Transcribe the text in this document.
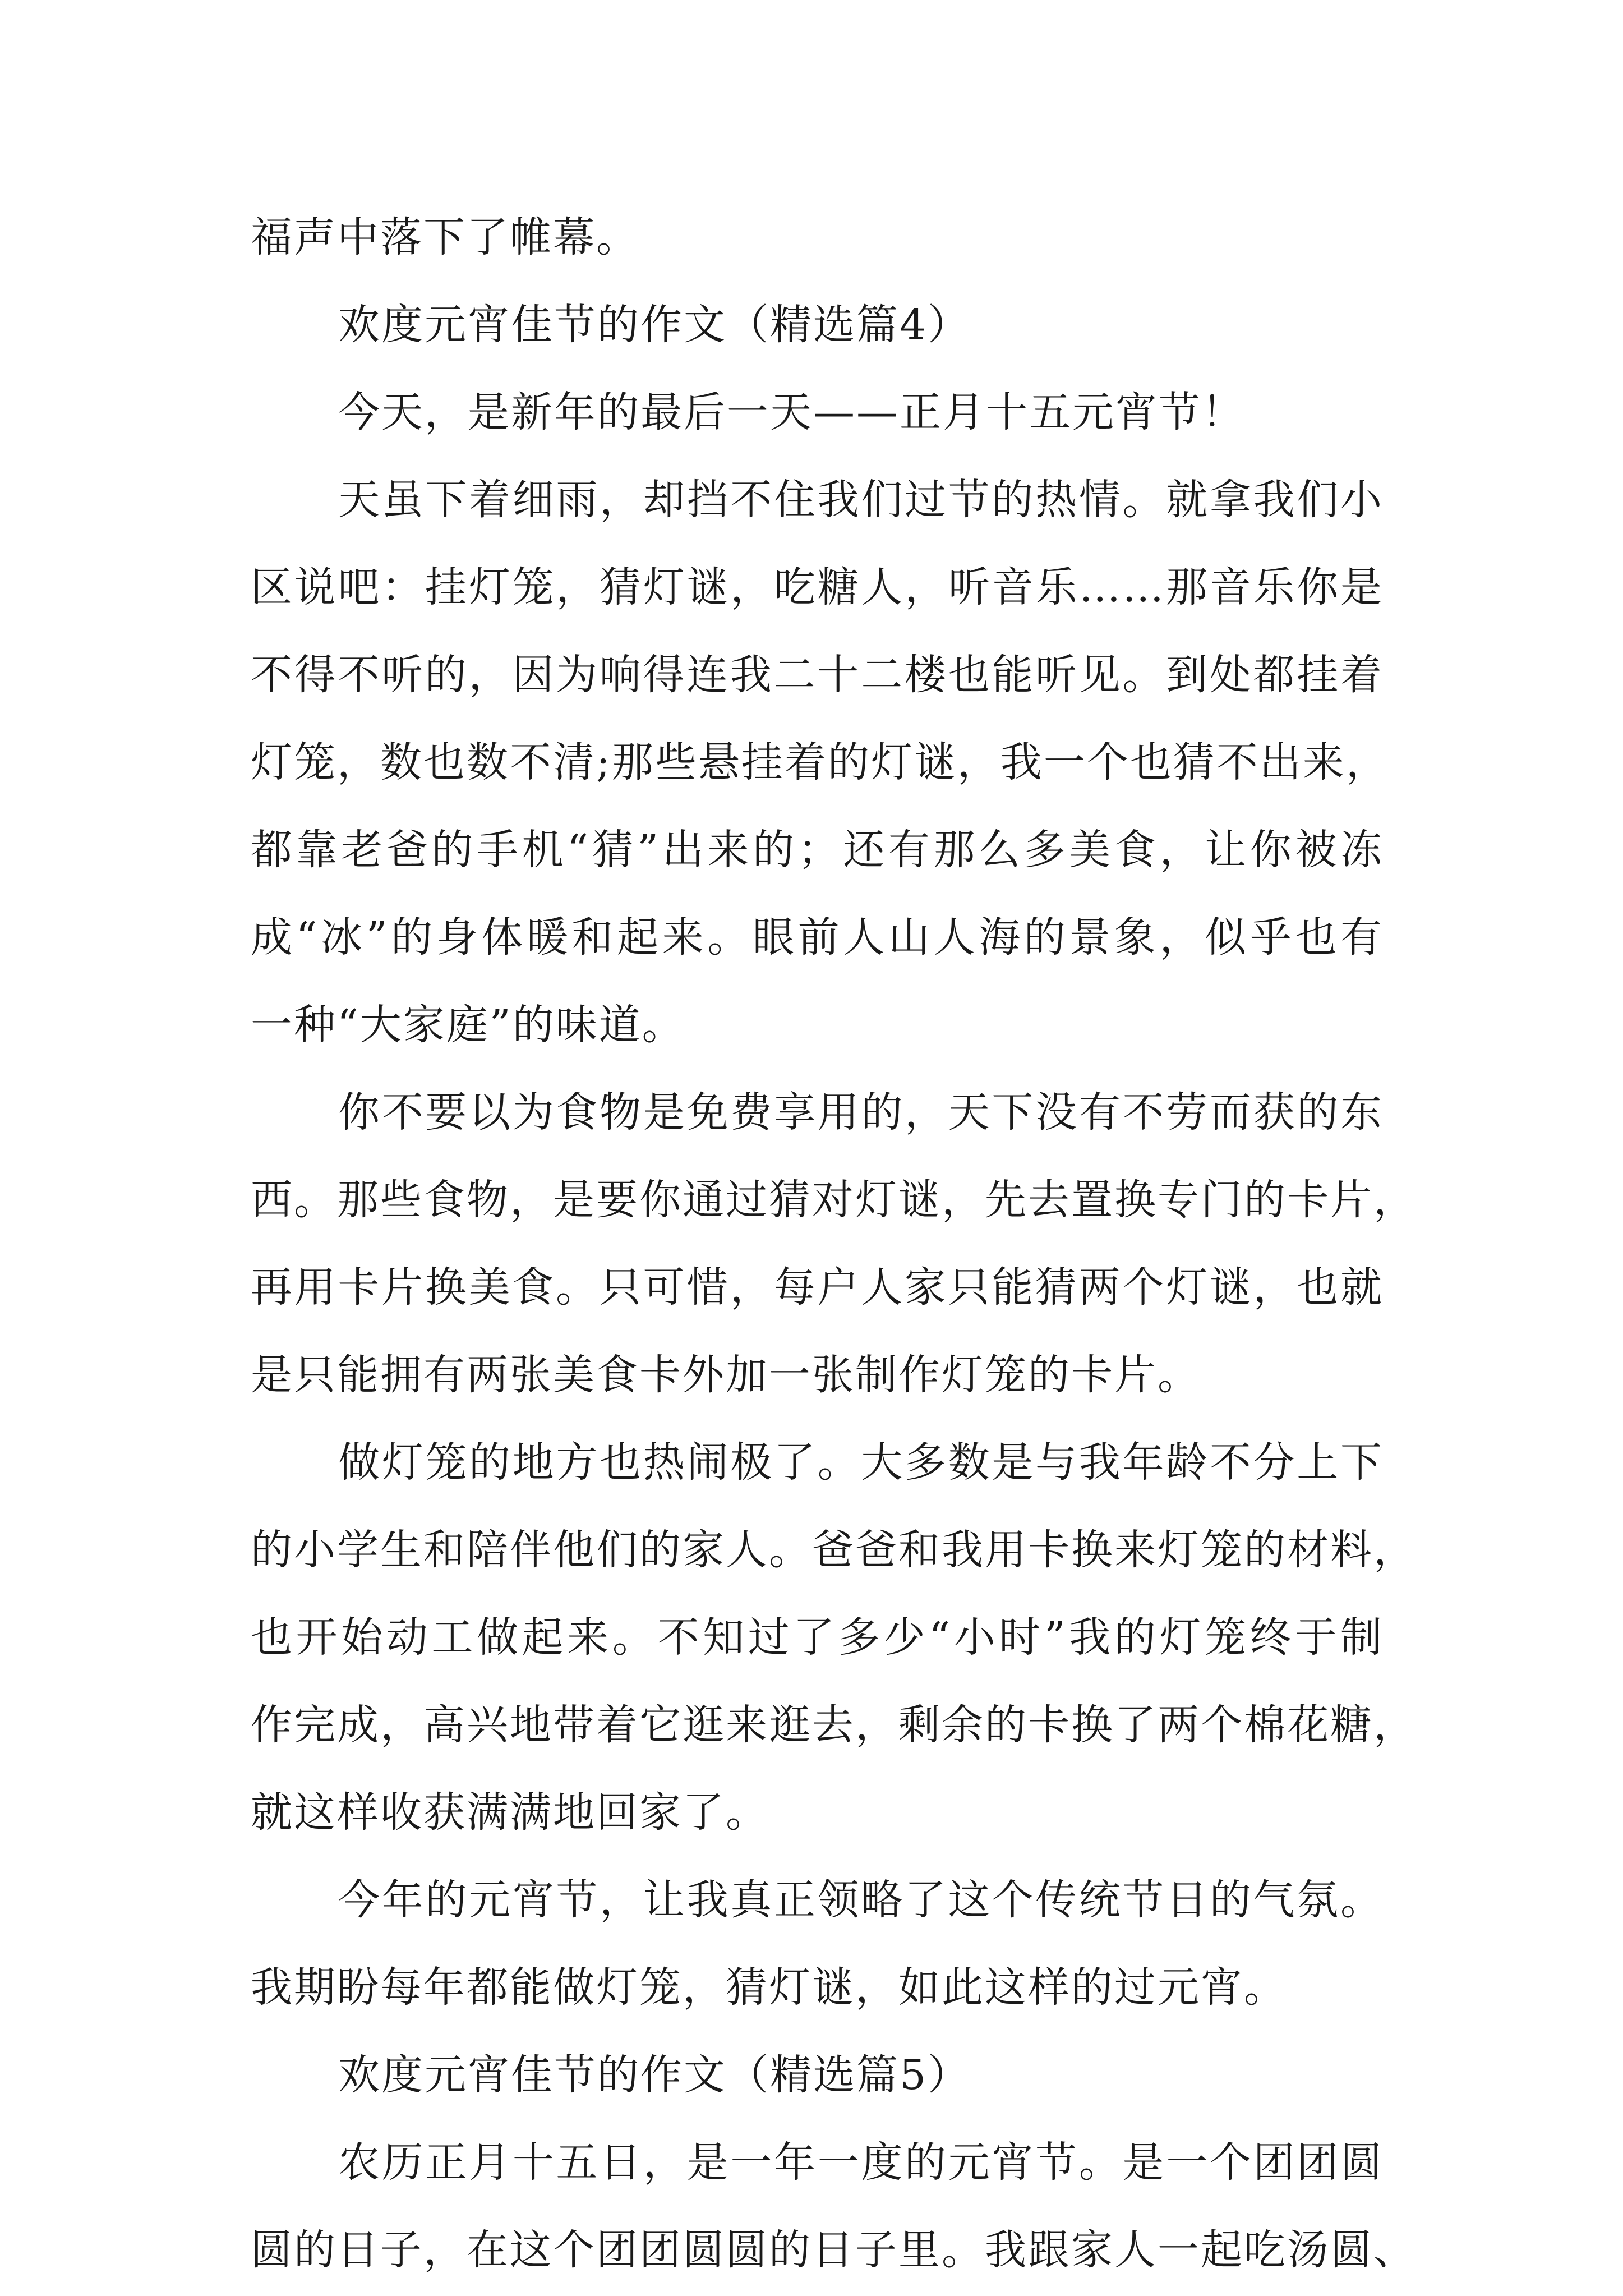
福声中落下了帷幕。
欢度元宵佳节的作文（精选篇4）
今天，是新年的最后一天——正月十五元宵节！
天虽下着细雨，却挡不住我们过节的热情。就拿我们小
区说吧：挂灯笼，猜灯谜，吃糖人，听音乐……那音乐你是
不得不听的，因为响得连我二十二楼也能听见。到处都挂着
灯笼，数也数不清;那些悬挂着的灯谜，我一个也猜不出来，
都靠老爸的手机“猜”出来的；还有那么多美食，让你被冻
成“冰”的身体暖和起来。眼前人山人海的景象，似乎也有
一种“大家庭”的味道。
你不要以为食物是免费享用的，天下没有不劳而获的东
西。那些食物，是要你通过猜对灯谜，先去置换专门的卡片，
再用卡片换美食。只可惜，每户人家只能猜两个灯谜，也就
是只能拥有两张美食卡外加一张制作灯笼的卡片。
做灯笼的地方也热闹极了。大多数是与我年龄不分上下
的小学生和陪伴他们的家人。爸爸和我用卡换来灯笼的材料，
也开始动工做起来。不知过了多少“小时”我的灯笼终于制
作完成，高兴地带着它逛来逛去，剩余的卡换了两个棉花糖，
就这样收获满满地回家了。
今年的元宵节，让我真正领略了这个传统节日的气氛。
我期盼每年都能做灯笼，猜灯谜，如此这样的过元宵。
欢度元宵佳节的作文（精选篇5）
农历正月十五日，是一年一度的元宵节。是一个团团圆
圆的日子，在这个团团圆圆的日子里。我跟家人一起吃汤圆、
